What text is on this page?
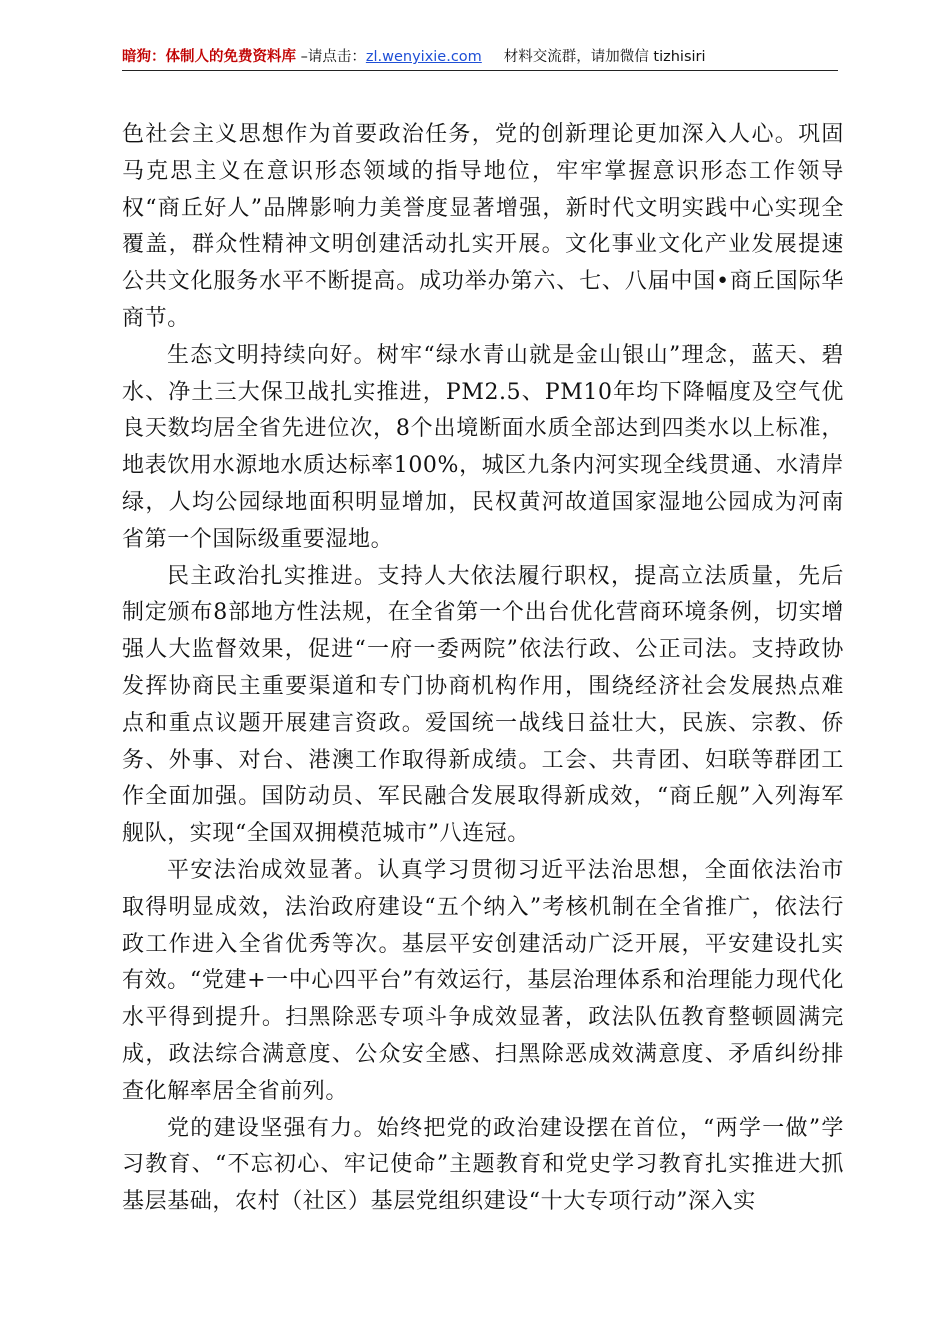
暗狗：体制人的免费资料库 –请点击：zl.wenyixie.com 材料交流群，请加微信 tizhisiri

色社会主义思想作为首要政治任务，党的创新理论更加深入人心。巩固马克思主义在意识形态领域的指导地位，牢牢掌握意识形态工作领导权“商丘好人”品牌影响力美誉度显著增强，新时代文明实践中心实现全覆盖，群众性精神文明创建活动扎实开展。文化事业文化产业发展提速公共文化服务水平不断提高。成功举办第六、七、八届中国•商丘国际华商节。

生态文明持续向好。树牢“绿水青山就是金山银山”理念，蓝天、碧水、净土三大保卫战扎实推进，PM2.5、PM10年均下降幅度及空气优良天数均居全省先进位次，8个出境断面水质全部达到四类水以上标准，地表饮用水源地水质达标率100%，城区九条内河实现全线贯通、水清岸绿，人均公园绿地面积明显增加，民权黄河故道国家湿地公园成为河南省第一个国际级重要湿地。

民主政治扎实推进。支持人大依法履行职权，提高立法质量，先后制定颁布8部地方性法规，在全省第一个出台优化营商环境条例，切实增强人大监督效果，促进“一府一委两院”依法行政、公正司法。支持政协发挥协商民主重要渠道和专门协商机构作用，围绕经济社会发展热点难点和重点议题开展建言资政。爱国统一战线日益壮大，民族、宗教、侨务、外事、对台、港澳工作取得新成绩。工会、共青团、妇联等群团工作全面加强。国防动员、军民融合发展取得新成效，“商丘舰”入列海军舰队，实现“全国双拥模范城市”八连冠。

平安法治成效显著。认真学习贯彻习近平法治思想，全面依法治市取得明显成效，法治政府建设“五个纳入”考核机制在全省推广，依法行政工作进入全省优秀等次。基层平安创建活动广泛开展，平安建设扎实有效。“党建+一中心四平台”有效运行，基层治理体系和治理能力现代化水平得到提升。扫黑除恶专项斗争成效显著，政法队伍教育整顿圆满完成，政法综合满意度、公众安全感、扫黑除恶成效满意度、矛盾纠纷排查化解率居全省前列。

党的建设坚强有力。始终把党的政治建设摆在首位，“两学一做”学习教育、“不忘初心、牢记使命”主题教育和党史学习教育扎实推进大抓基层基础，农村（社区）基层党组织建设“十大专项行动”深入实
